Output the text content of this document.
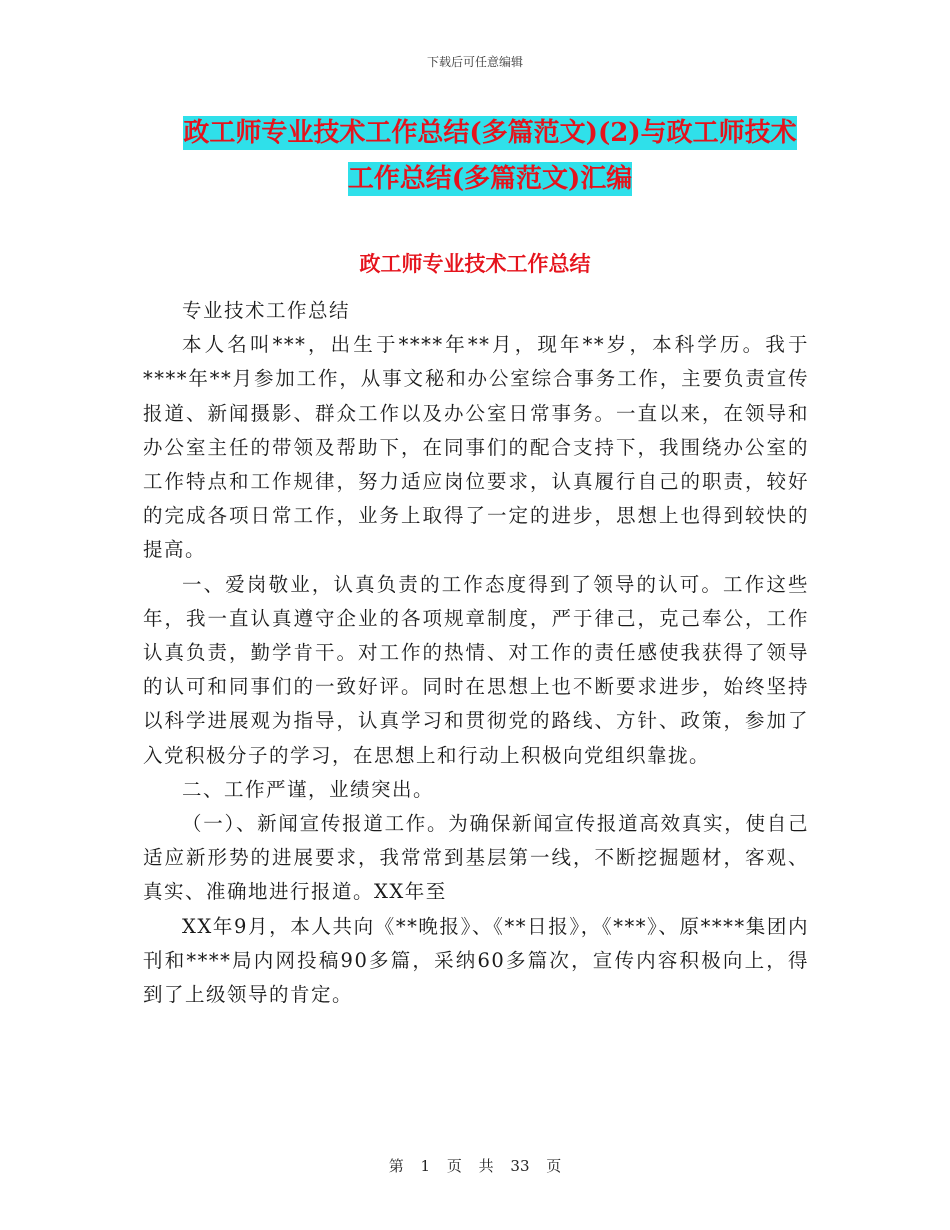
下载后可任意编辑
政工师专业技术工作总结(多篇范文)(2)与政工师技术
工作总结(多篇范文)汇编
政工师专业技术工作总结

专业技术工作总结

本人名叫***，出生于****年**月，现年**岁，本科学历。我于****年**月参加工作，从事文秘和办公室综合事务工作，主要负责宣传报道、新闻摄影、群众工作以及办公室日常事务。一直以来，在领导和办公室主任的带领及帮助下，在同事们的配合支持下，我围绕办公室的工作特点和工作规律，努力适应岗位要求，认真履行自己的职责，较好的完成各项日常工作，业务上取得了一定的进步，思想上也得到较快的提高。

一、爱岗敬业，认真负责的工作态度得到了领导的认可。工作这些年，我一直认真遵守企业的各项规章制度，严于律己，克己奉公，工作认真负责，勤学肯干。对工作的热情、对工作的责任感使我获得了领导的认可和同事们的一致好评。同时在思想上也不断要求进步，始终坚持以科学进展观为指导，认真学习和贯彻党的路线、方针、政策，参加了入党积极分子的学习，在思想上和行动上积极向党组织靠拢。

二、工作严谨，业绩突出。

（一）、新闻宣传报道工作。为确保新闻宣传报道高效真实，使自己适应新形势的进展要求，我常常到基层第一线，不断挖掘题材，客观、真实、准确地进行报道。XX年至

XX年9月，本人共向《**晚报》、《**日报》，《***》、原****集团内刊和****局内网投稿90多篇，采纳60多篇次，宣传内容积极向上，得到了上级领导的肯定。

第 1 页 共 33 页
